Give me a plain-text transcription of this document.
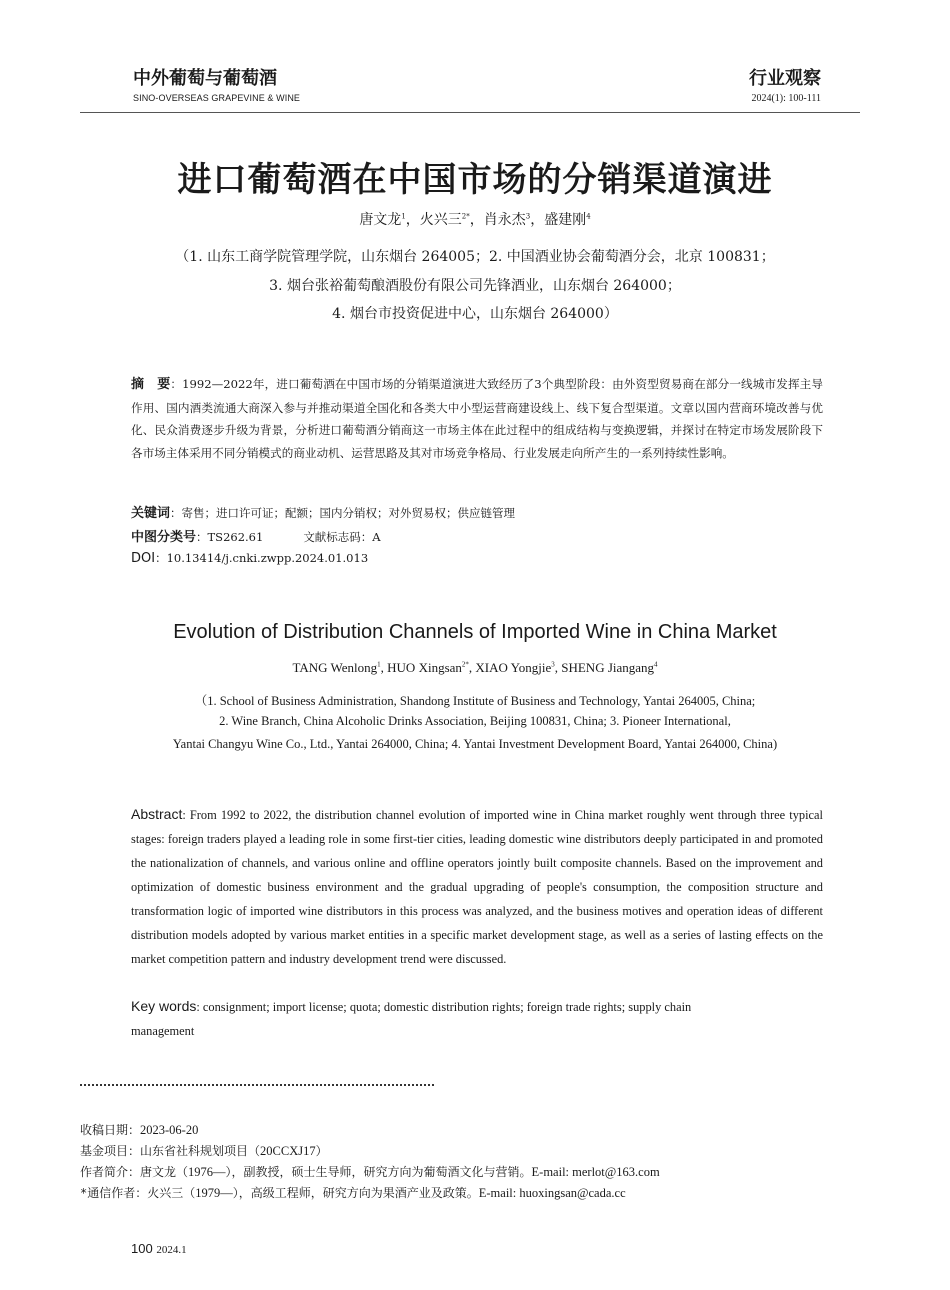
中外葡萄与葡萄酒
SINO-OVERSEAS GRAPEVINE & WINE
行业观察
2024(1): 100-111
进口葡萄酒在中国市场的分销渠道演进
唐文龙$^1$，火兴三$^{2*}$，肖永杰$^3$，盛建刚$^4$
（1. 山东工商学院管理学院，山东烟台 264005；2. 中国酒业协会葡萄酒分会，北京 100831；
3. 烟台张裕葡萄酿酒股份有限公司先锋酒业，山东烟台 264000；
4. 烟台市投资促进中心，山东烟台 264000）
摘　要：1992—2022年，进口葡萄酒在中国市场的分销渠道演进大致经历了3个典型阶段：由外资型贸易商在部分一线城市发挥主导作用、国内酒类流通大商深入参与并推动渠道全国化和各类大中小型运营商建设线上、线下复合型渠道。文章以国内营商环境改善与优化、民众消费逐步升级为背景，分析进口葡萄酒分销商这一市场主体在此过程中的组成结构与变换逻辑，并探讨在特定市场发展阶段下各市场主体采用不同分销模式的商业动机、运营思路及其对市场竞争格局、行业发展走向所产生的一系列持续性影响。
关键词：寄售；进口许可证；配额；国内分销权；对外贸易权；供应链管理
中图分类号：TS262.61	文献标志码：A
DOI：10.13414/j.cnki.zwpp.2024.01.013
Evolution of Distribution Channels of Imported Wine in China Market
TANG Wenlong$^1$, HUO Xingsan$^{2*}$, XIAO Yongjie$^3$, SHENG Jiangang$^4$
（1. School of Business Administration, Shandong Institute of Business and Technology, Yantai 264005, China;
2. Wine Branch, China Alcoholic Drinks Association, Beijing 100831, China; 3. Pioneer International,
Yantai Changyu Wine Co., Ltd., Yantai 264000, China; 4. Yantai Investment Development Board, Yantai 264000, China)
Abstract: From 1992 to 2022, the distribution channel evolution of imported wine in China market roughly went through three typical stages: foreign traders played a leading role in some first-tier cities, leading domestic wine distributors deeply participated in and promoted the nationalization of channels, and various online and offline operators jointly built composite channels. Based on the improvement and optimization of domestic business environment and the gradual upgrading of people's consumption, the composition structure and transformation logic of imported wine distributors in this process was analyzed, and the business motives and operation ideas of different distribution models adopted by various market entities in a specific market development stage, as well as a series of lasting effects on the market competition pattern and industry development trend were discussed.
Key words: consignment; import license; quota; domestic distribution rights; foreign trade rights; supply chain management
收稿日期：2023-06-20
基金项目：山东省社科规划项目（20CCXJ17）
作者简介：唐文龙（1976—），副教授，硕士生导师，研究方向为葡萄酒文化与营销。E-mail: merlot@163.com
*通信作者：火兴三（1979—），高级工程师，研究方向为果酒产业及政策。E-mail: huoxingsan@cada.cc
100 2024.1
